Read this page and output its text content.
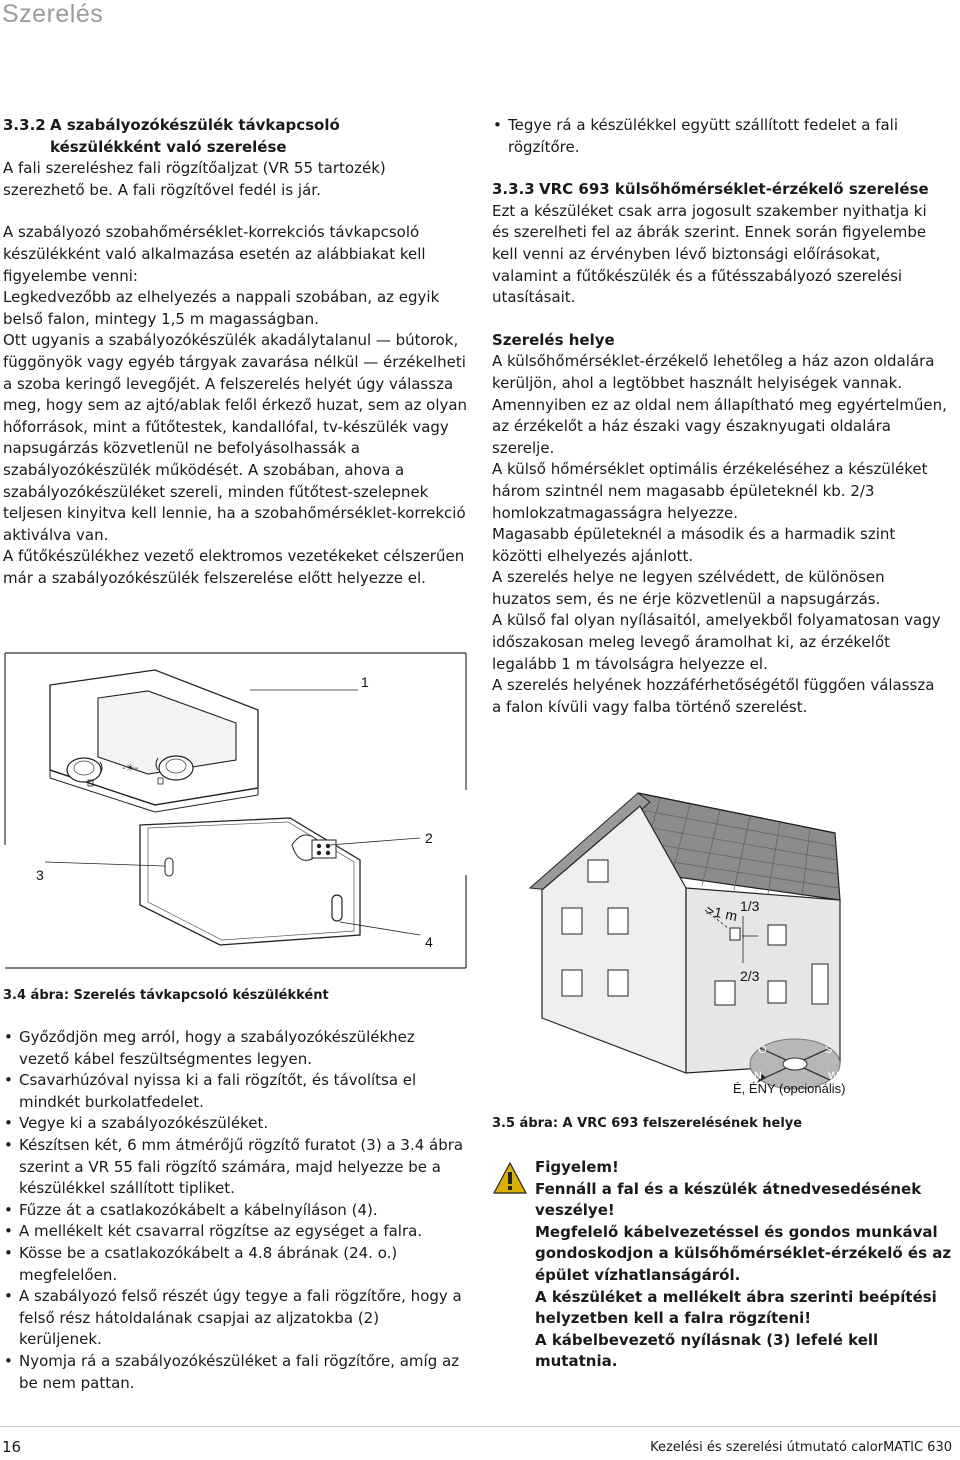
Szerelés
3.3.2 A szabályozókészülék távkapcsoló
készülékként való szerelése

A fali szereléshez fali rögzítőaljzat (VR 55 tartozék) szerezhető be. A fali rögzítővel fedél is jár.

A szabályozó szobahőmérséklet-korrekciós távkapcsoló készülékként való alkalmazása esetén az alábbiakat kell figyelembe venni:

Legkedvezőbb az elhelyezés a nappali szobában, az egyik belső falon, mintegy 1,5 m magasságban.

Ott ugyanis a szabályozókészülék akadálytalanul — bútorok, függönyök vagy egyéb tárgyak zavarása nélkül — érzékelheti a szoba keringő levegőjét. A felszerelés helyét úgy válassza meg, hogy sem az ajtó/ablak felől érkező huzat, sem az olyan hőforrások, mint a fűtőtestek, kandallófal, tv-készülék vagy napsugárzás közvetlenül ne befolyásolhassák a szabályozókészülék működését. A szobában, ahova a szabályozókészüléket szereli, minden fűtőtest-szelepnek teljesen kinyitva kell lennie, ha a szobahőmérséklet-korrekció aktiválva van.

A fűtőkészülékhez vezető elektromos vezetékeket célszerűen már a szabályozókészülék felszerelése előtt helyezze el.

-☀-
1
2
3
4
3.4 ábra: Szerelés távkapcsoló készülékként
• Győződjön meg arról, hogy a szabályozókészülékhez vezető kábel feszültségmentes legyen.
• Csavarhúzóval nyissa ki a fali rögzítőt, és távolítsa el mindkét burkolatfedelet.
• Vegye ki a szabályozókészüléket.
• Készítsen két, 6 mm átmérőjű rögzítő furatot (3) a 3.4 ábra szerint a VR 55 fali rögzítő számára, majd helyezze be a készülékkel szállított tipliket.
• Fűzze át a csatlakozókábelt a kábelnyíláson (4).
• A mellékelt két csavarral rögzítse az egységet a falra.
• Kösse be a csatlakozókábelt a 4.8 ábrának (24. o.) megfelelően.
• A szabályozó felső részét úgy tegye a fali rögzítőre, hogy a felső rész hátoldalának csapjai az aljzatokba (2) kerüljenek.
• Nyomja rá a szabályozókészüléket a fali rögzítőre, amíg az be nem pattan.
• Tegye rá a készülékkel együtt szállított fedelet a fali rögzítőre.
3.3.3 VRC 693 külsőhőmérséklet-érzékelő szerelése
Ezt a készüléket csak arra jogosult szakember nyithatja ki és szerelheti fel az ábrák szerint. Ennek során figyelembe kell venni az érvényben lévő biztonsági előírásokat, valamint a fűtőkészülék és a fűtésszabályozó szerelési utasításait.
Szerelés helye

A külsőhőmérséklet-érzékelő lehetőleg a ház azon oldalára kerüljön, ahol a legtöbbet használt helyiségek vannak.

Amennyiben ez az oldal nem állapítható meg egyértelműen, az érzékelőt a ház északi vagy északnyugati oldalára szerelje.

A külső hőmérséklet optimális érzékeléséhez a készüléket három szintnél nem magasabb épületeknél kb. 2/3 homlokzatmagasságra helyezze.

Magasabb épületeknél a második és a harmadik szint közötti elhelyezés ajánlott.

A szerelés helye ne legyen szélvédett, de különösen huzatos sem, és ne érje közvetlenül a napsugárzás.

A külső fal olyan nyílásaitól, amelyekből folyamatosan vagy időszakosan meleg levegő áramolhat ki, az érzékelőt legalább 1 m távolságra helyezze el.

A szerelés helyének hozzáférhetőségétől függően válassza a falon kívüli vagy falba történő szerelést.

>1 m 1/3
2/3
O	S
N	W
É, ÉNY (opcionális)
3.5 ábra: A VRC 693 felszerelésének helye
Figyelem!
Fennáll a fal és a készülék átnedvesedésének veszélye!
Megfelelő kábelvezetéssel és gondos munkával gondoskodjon a külsőhőmérséklet-érzékelő és az épület vízhatlanságáról.
A készüléket a mellékelt ábra szerinti beépítési helyzetben kell a falra rögzíteni!
A kábelbevezető nyílásnak (3) lefelé kell mutatnia.
16	Kezelési és szerelési útmutató calorMATIC 630
